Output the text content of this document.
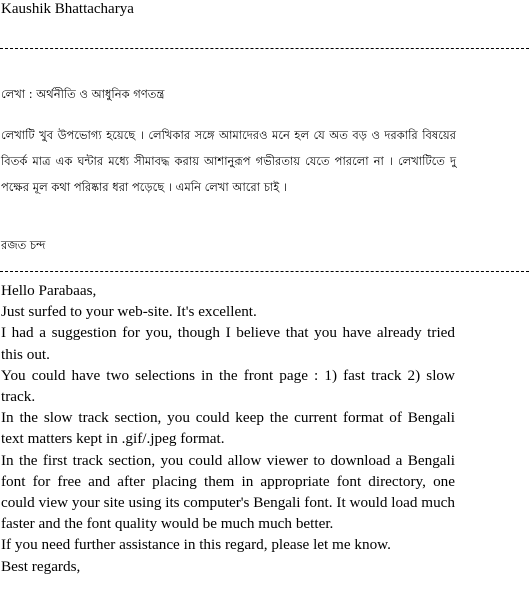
Kaushik Bhattacharya
লেখা : অর্থনীতি ও আধুনিক গণতন্ত্র
লেখাটি খুব উপভোগ্য হয়েছে । লেখিকার সঙ্গে আমাদেরও মনে হল যে অত বড় ও দরকারি বিষয়ের বিতর্ক মাত্র এক ঘন্টার মধ্যে সীমাবদ্ধ করায় আশানুরূপ গভীরতায় যেতে পারলো না । লেখাটিতে দু পক্ষের মূল কথা পরিষ্কার ধরা পড়েছে । এমনি লেখা আরো চাই ।
রজত চন্দ

Hello Parabaas,

Just surfed to your web-site. It's excellent.

I had a suggestion for you, though I believe that you have already tried this out.

You could have two selections in the front page : 1) fast track 2) slow track.

In the slow track section, you could keep the current format of Bengali text matters kept in .gif/.jpeg format.

In the first track section, you could allow viewer to download a Bengali font for free and after placing them in appropriate font directory, one could view your site using its computer's Bengali font. It would load much faster and the font quality would be much much better.

If you need further assistance in this regard, please let me know.

Best regards,
